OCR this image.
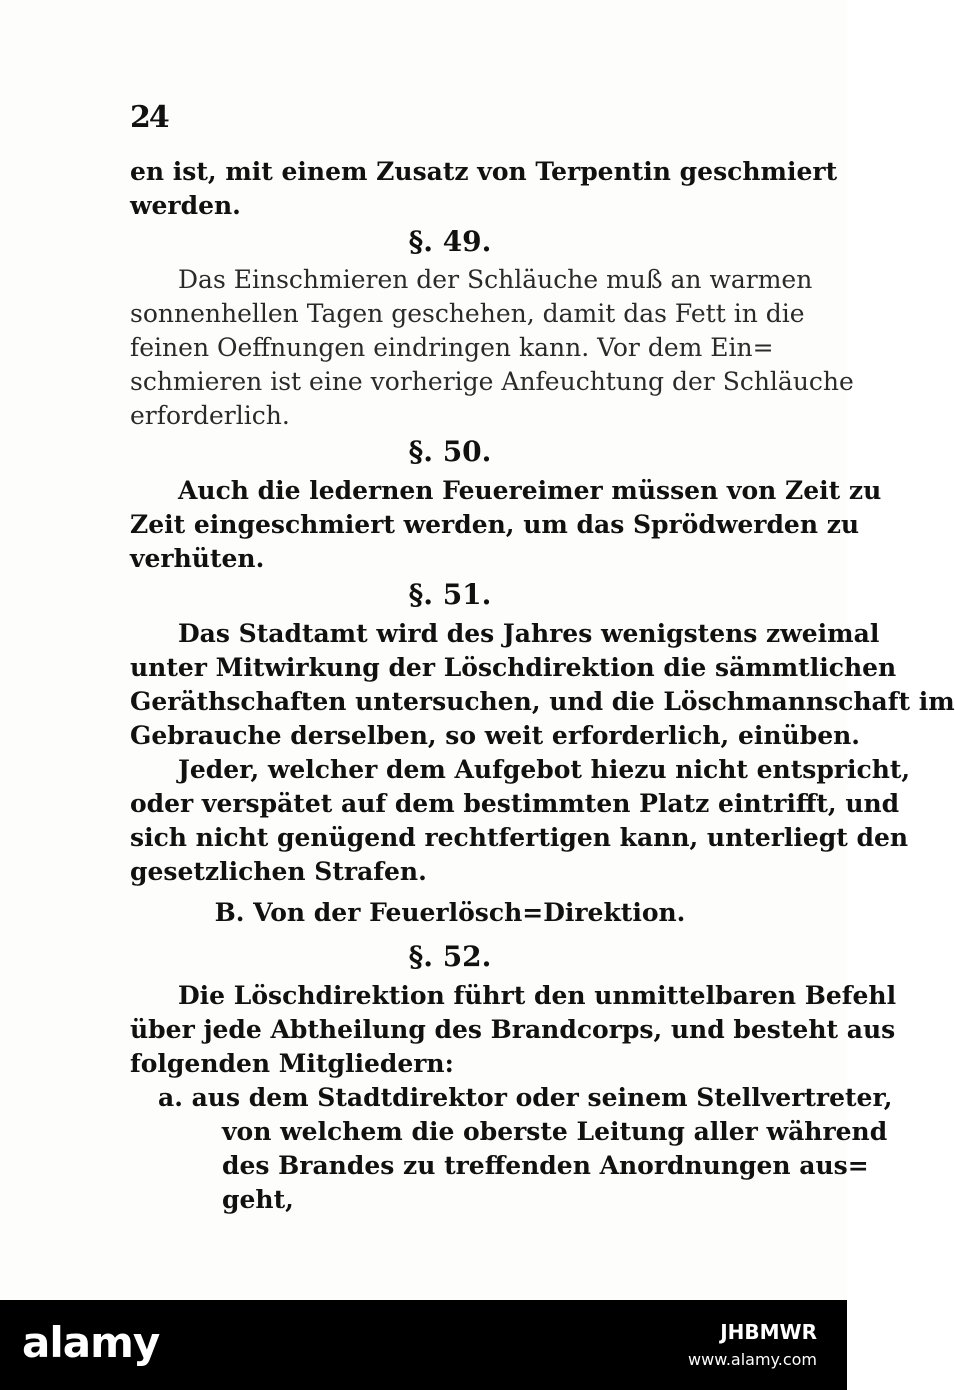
24
en ist, mit einem Zusatz von Terpentin geschmiert
werden.
§. 49.
Das Einschmieren der Schläuche muß an warmen
sonnenhellen Tagen geschehen, damit das Fett in die
feinen Oeffnungen eindringen kann. Vor dem Ein=
schmieren ist eine vorherige Anfeuchtung der Schläuche
erforderlich.
§. 50.
Auch die ledernen Feuereimer müssen von Zeit zu
Zeit eingeschmiert werden, um das Sprödwerden zu
verhüten.
§. 51.
Das Stadtamt wird des Jahres wenigstens zweimal
unter Mitwirkung der Löschdirektion die sämmtlichen
Geräthschaften untersuchen, und die Löschmannschaft im
Gebrauche derselben, so weit erforderlich, einüben.
Jeder, welcher dem Aufgebot hiezu nicht entspricht,
oder verspätet auf dem bestimmten Platz eintrifft, und
sich nicht genügend rechtfertigen kann, unterliegt den
gesetzlichen Strafen.
B. Von der Feuerlösch=Direktion.
§. 52.
Die Löschdirektion führt den unmittelbaren Befehl
über jede Abtheilung des Brandcorps, und besteht aus
folgenden Mitgliedern:
a. aus dem Stadtdirektor oder seinem Stellvertreter,
von welchem die oberste Leitung aller während
des Brandes zu treffenden Anordnungen aus=
geht,
alamy	JHBMWR
www.alamy.com
